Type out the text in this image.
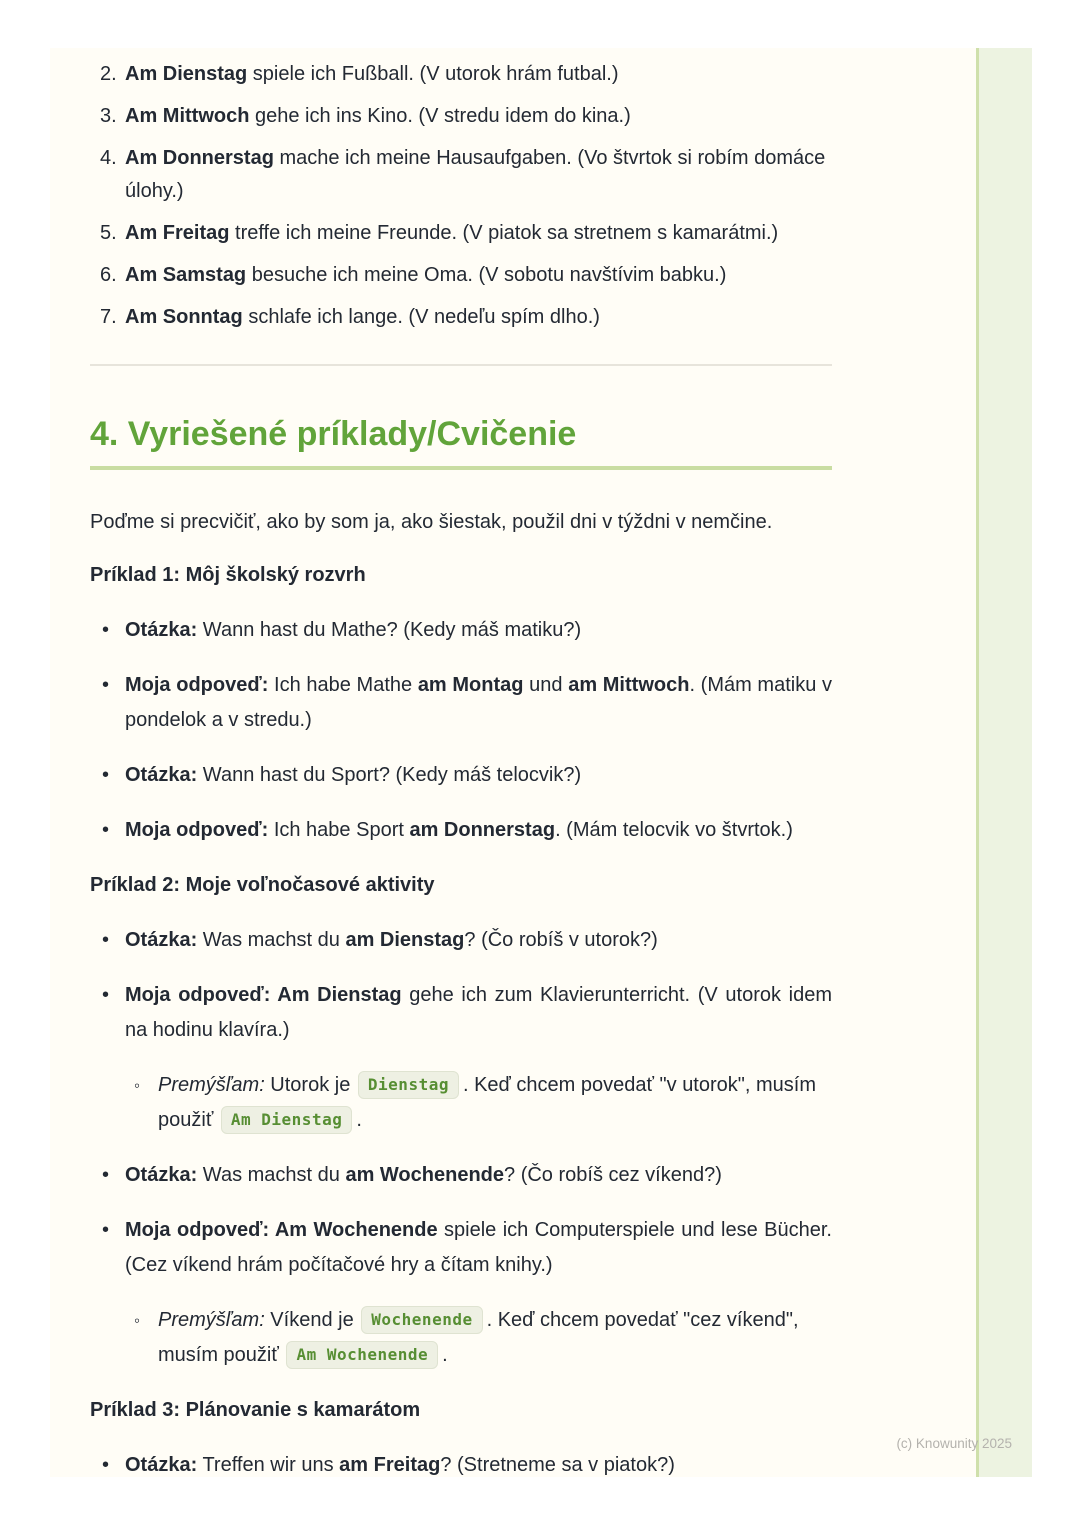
2. Am Dienstag spiele ich Fußball. (V utorok hrám futbal.)

3. Am Mittwoch gehe ich ins Kino. (V stredu idem do kina.)

4. Am Donnerstag mache ich meine Hausaufgaben. (Vo štvrtok si robím domáce úlohy.)

5. Am Freitag treffe ich meine Freunde. (V piatok sa stretnem s kamarátmi.)

6. Am Samstag besuche ich meine Oma. (V sobotu navštívim babku.)

7. Am Sonntag schlafe ich lange. (V nedeľu spím dlho.)

4. Vyriešené príklady/Cvičenie

Poďme si precvičiť, ako by som ja, ako šiestak, použil dni v týždni v nemčine.

Príklad 1: Môj školský rozvrh
• Otázka: Wann hast du Mathe? (Kedy máš matiku?)

• Moja odpoveď: Ich habe Mathe am Montag und am Mittwoch. (Mám matiku v pondelok a v stredu.)

• Otázka: Wann hast du Sport? (Kedy máš telocvik?)

• Moja odpoveď: Ich habe Sport am Donnerstag. (Mám telocvik vo štvrtok.)

Príklad 2: Moje voľnočasové aktivity
• Otázka: Was machst du am Dienstag? (Čo robíš v utorok?)

• Moja odpoveď: Am Dienstag gehe ich zum Klavierunterricht. (V utorok idem na hodinu klavíra.)

◦ Premýšľam: Utorok je Dienstag . Keď chcem povedať "v utorok", musím použiť Am Dienstag .

• Otázka: Was machst du am Wochenende? (Čo robíš cez víkend?)

• Moja odpoveď: Am Wochenende spiele ich Computerspiele und lese Bücher. (Cez víkend hrám počítačové hry a čítam knihy.)

◦ Premýšľam: Víkend je Wochenende . Keď chcem povedať "cez víkend", musím použiť Am Wochenende .

Príklad 3: Plánovanie s kamarátom
• Otázka: Treffen wir uns am Freitag? (Stretneme sa v piatok?)

(c) Knowunity 2025
